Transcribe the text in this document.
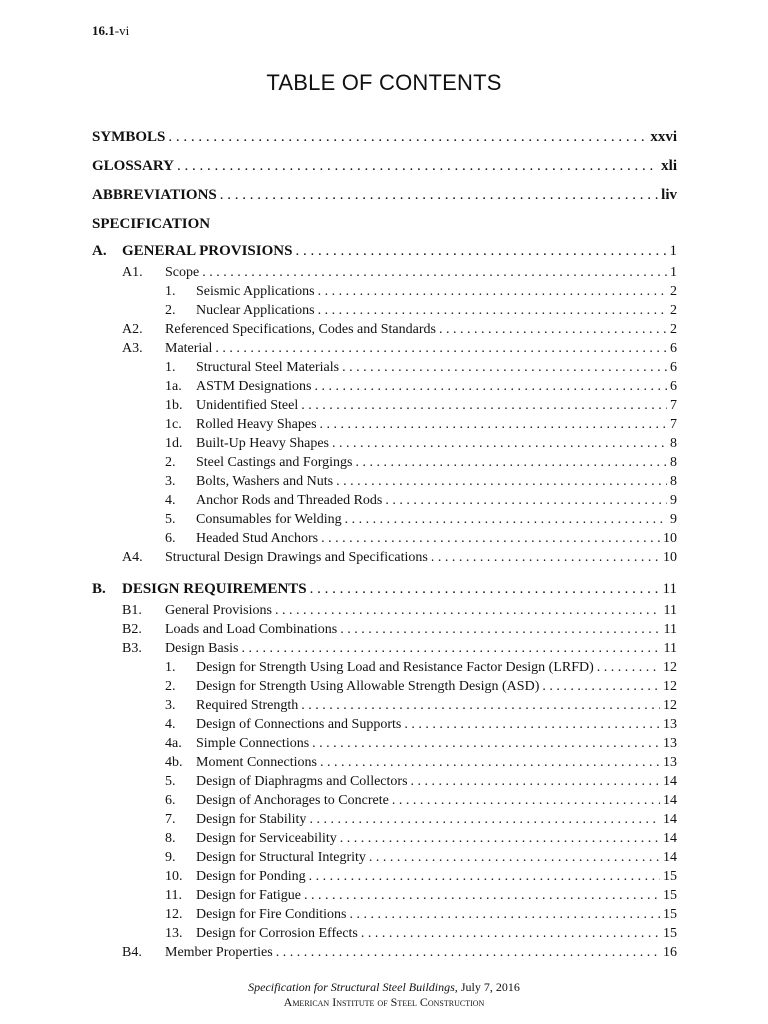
16.1-vi
TABLE OF CONTENTS
SYMBOLS . . .	xxvi
GLOSSARY . . .	xli
ABBREVIATIONS . . .	liv
SPECIFICATION
A.	GENERAL PROVISIONS . . .	1
A1.	Scope . . .	1
1.	Seismic Applications . . .	2
2.	Nuclear Applications . . .	2
A2.	Referenced Specifications, Codes and Standards . . .	2
A3.	Material . . .	6
1.	Structural Steel Materials . . .	6
1a.	ASTM Designations . . .	6
1b. Unidentified Steel . . .	7
1c.	Rolled Heavy Shapes . . .	7
1d. Built-Up Heavy Shapes . . .	8
2.	Steel Castings and Forgings . . .	8
3.	Bolts, Washers and Nuts . . .	8
4.	Anchor Rods and Threaded Rods . . .	9
5.	Consumables for Welding . . .	9
6.	Headed Stud Anchors . . .	10
A4.	Structural Design Drawings and Specifications . . .	10
B.	DESIGN REQUIREMENTS . . .	11
B1.	General Provisions . . .	11
B2.	Loads and Load Combinations . . .	11
B3.	Design Basis . . .	11
1.	Design for Strength Using Load and Resistance Factor Design (LRFD) . . .	12
2.	Design for Strength Using Allowable Strength Design (ASD) . . .	12
3.	Required Strength . . .	12
4.	Design of Connections and Supports . . .	13
4a.	Simple Connections . . .	13
4b. Moment Connections . . .	13
5.	Design of Diaphragms and Collectors . . .	14
6.	Design of Anchorages to Concrete . . .	14
7.	Design for Stability . . .	14
8.	Design for Serviceability . . .	14
9.	Design for Structural Integrity . . .	14
10. Design for Ponding . . .	15
11.	Design for Fatigue . . .	15
12. Design for Fire Conditions . . .	15
13. Design for Corrosion Effects . . .	15
B4.	Member Properties . . .	16
Specification for Structural Steel Buildings, July 7, 2016
American Institute of Steel Construction
